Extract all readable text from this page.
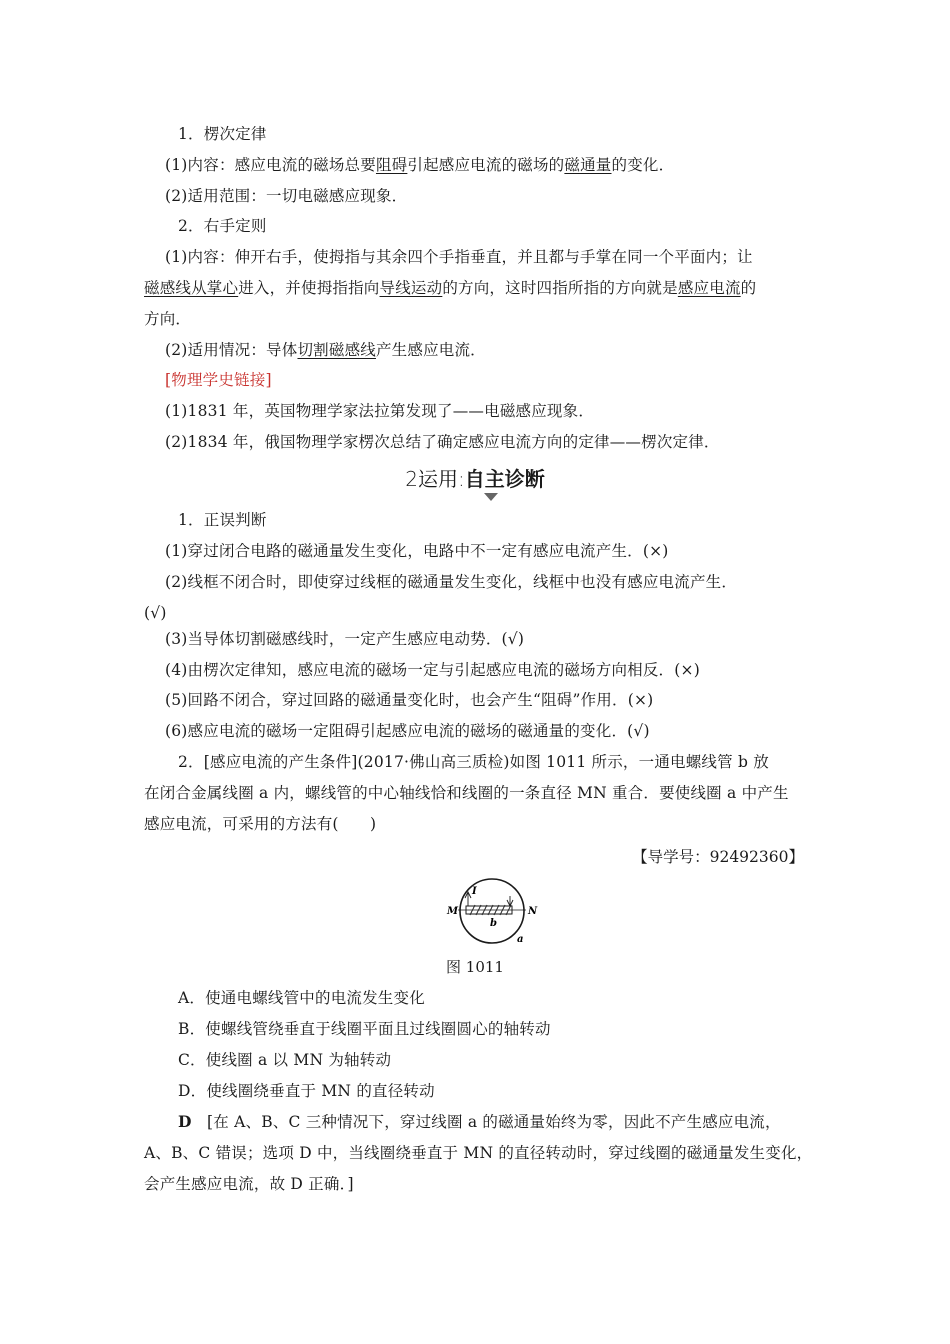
1．楞次定律
(1)内容：感应电流的磁场总要阻碍引起感应电流的磁场的磁通量的变化．
(2)适用范围：一切电磁感应现象．
2．右手定则
(1)内容：伸开右手，使拇指与其余四个手指垂直，并且都与手掌在同一个平面内；让
磁感线从掌心进入，并使拇指指向导线运动的方向，这时四指所指的方向就是感应电流的
方向．
(2)适用情况：导体切割磁感线产生感应电流．
[物理学史链接]
(1)1831 年，英国物理学家法拉第发现了——电磁感应现象．
(2)1834 年，俄国物理学家楞次总结了确定感应电流方向的定律——楞次定律．
2运用:自主诊断
1．正误判断
(1)穿过闭合电路的磁通量发生变化，电路中不一定有感应电流产生．(×)
(2)线框不闭合时，即使穿过线框的磁通量发生变化，线框中也没有感应电流产生．
(√)
(3)当导体切割磁感线时，一定产生感应电动势．(√)
(4)由楞次定律知，感应电流的磁场一定与引起感应电流的磁场方向相反．(×)
(5)回路不闭合，穿过回路的磁通量变化时，也会产生“阻碍”作用．(×)
(6)感应电流的磁场一定阻碍引起感应电流的磁场的磁通量的变化．(√)
2．[感应电流的产生条件](2017·佛山高三质检)如图 1011 所示，一通电螺线管 b 放
在闭合金属线圈 a 内，螺线管的中心轴线恰和线圈的一条直径 MN 重合．要使线圈 a 中产生
感应电流，可采用的方法有(　　)
【导学号：92492360】
I
M	N
b
a
图 1011
A．使通电螺线管中的电流发生变化
B．使螺线管绕垂直于线圈平面且过线圈圆心的轴转动
C．使线圈 a 以 MN 为轴转动
D．使线圈绕垂直于 MN 的直径转动
D [在 A、B、C 三种情况下，穿过线圈 a 的磁通量始终为零，因此不产生感应电流，
A、B、C 错误；选项 D 中，当线圈绕垂直于 MN 的直径转动时，穿过线圈的磁通量发生变化，
会产生感应电流，故 D 正确．]
